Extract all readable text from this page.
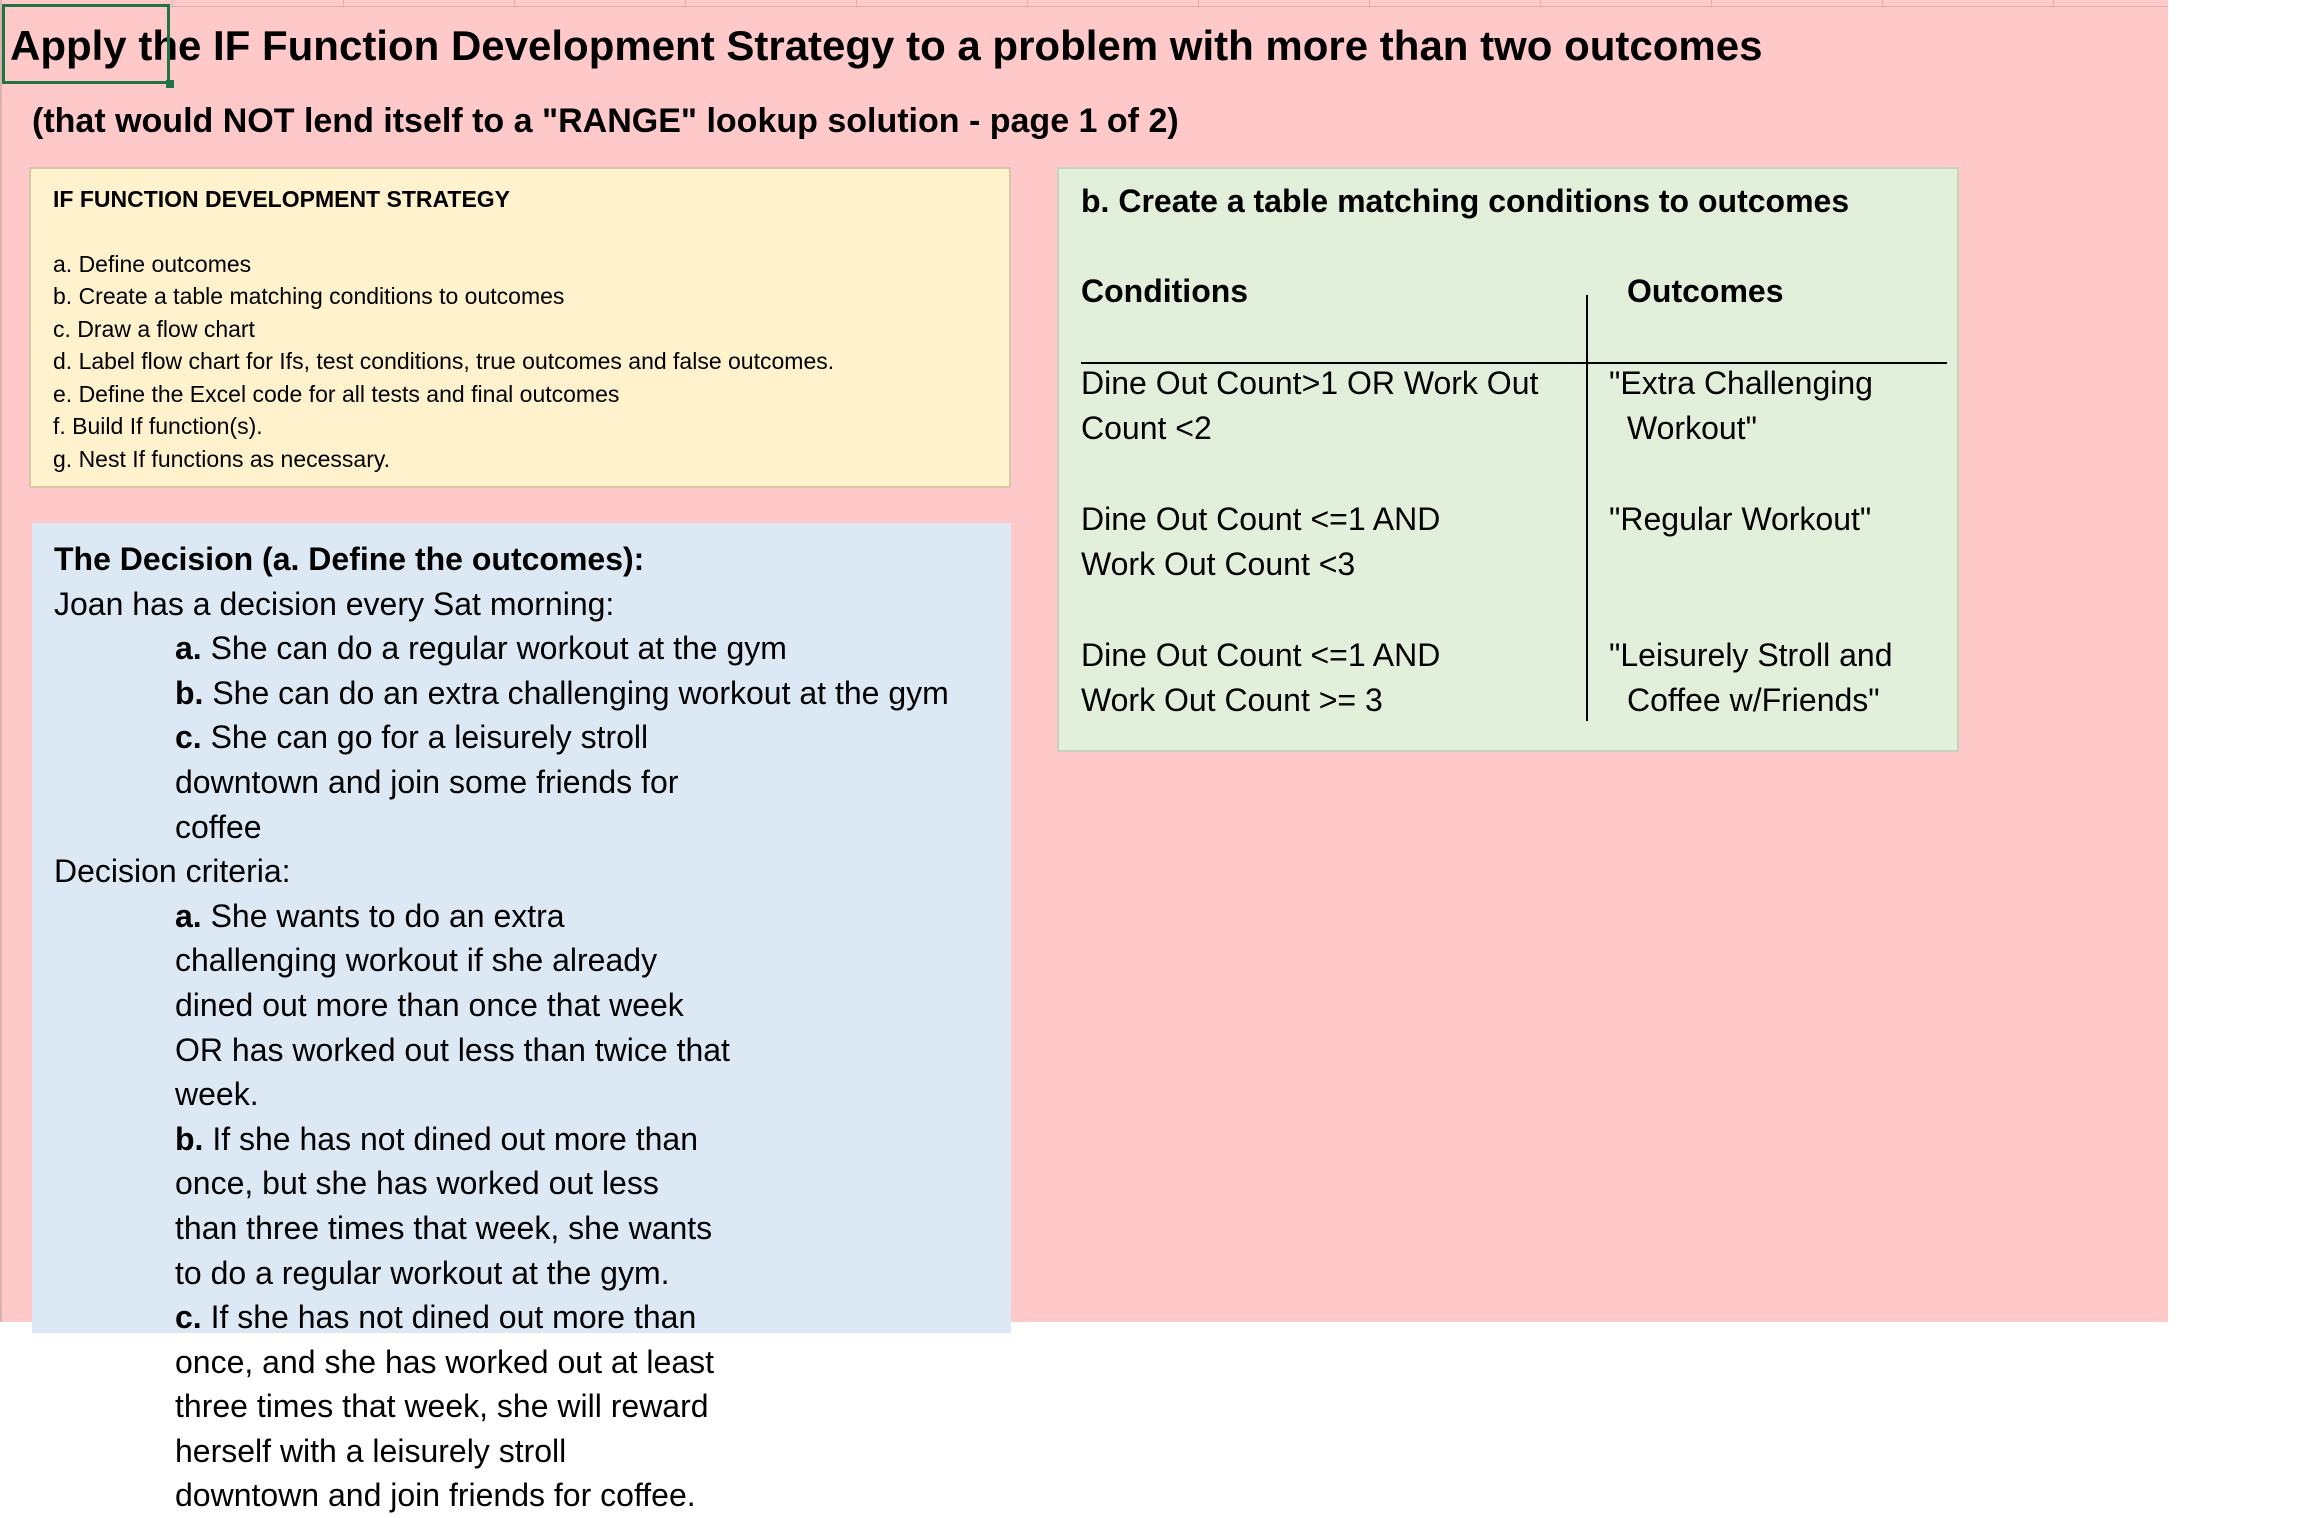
Apply the IF Function Development Strategy to a problem with more than two outcomes
(that would NOT lend itself to a "RANGE" lookup solution - page 1 of 2)
IF FUNCTION DEVELOPMENT STRATEGY
a. Define outcomes
b. Create a table matching conditions to outcomes
c. Draw a flow chart
d. Label flow chart for Ifs, test conditions, true outcomes and false outcomes.
e. Define the Excel code for all tests and final outcomes
f. Build If function(s).
g. Nest If functions as necessary.
The Decision (a. Define the outcomes):
Joan has a decision every Sat morning:
a. She can do a regular workout at the gym
b. She can do an extra challenging workout at the gym
c. She can go for a leisurely stroll downtown and join some friends for coffee
Decision criteria:
a. She wants to do an extra challenging workout if she already dined out more than once that week OR has worked out less than twice that week.
b. If she has not dined out more than once, but she has worked out less than three times that week, she wants to do a regular workout at the gym.
c. If she has not dined out more than once, and she has worked out at least three times that week, she will reward herself with a leisurely stroll downtown and join friends for coffee.
b. Create a table matching conditions to outcomes
Conditions	Outcomes
Dine Out Count>1 OR Work Out
Count <2
"Extra Challenging
Workout"
Dine Out Count <=1 AND
Work Out Count <3
"Regular Workout"
Dine Out Count <=1 AND
Work Out Count >= 3
"Leisurely Stroll and
Coffee w/Friends"
